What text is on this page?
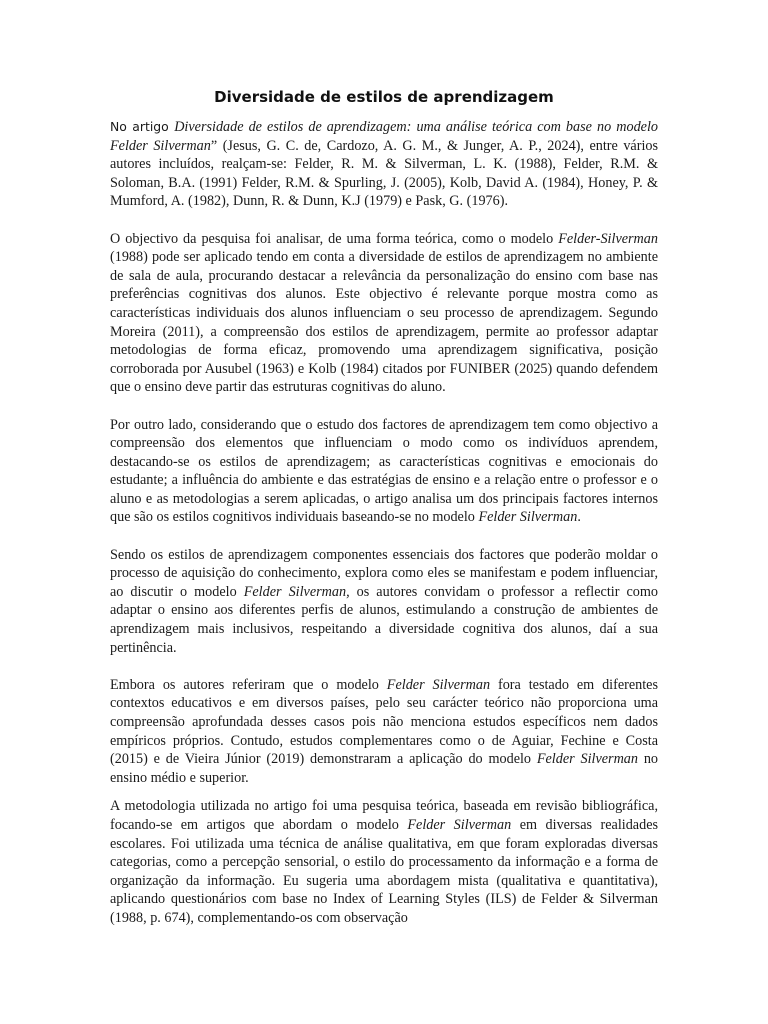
Diversidade de estilos de aprendizagem

No artigo Diversidade de estilos de aprendizagem: uma análise teórica com base no modelo Felder Silverman” (Jesus, G. C. de, Cardozo, A. G. M., & Junger, A. P., 2024), entre vários autores incluídos, realçam-se: Felder, R. M. & Silverman, L. K. (1988), Felder, R.M. & Soloman, B.A. (1991) Felder, R.M. & Spurling, J. (2005), Kolb, David A. (1984), Honey, P. & Mumford, A. (1982), Dunn, R. & Dunn, K.J (1979) e Pask, G. (1976).

O objectivo da pesquisa foi analisar, de uma forma teórica, como o modelo Felder-Silverman (1988) pode ser aplicado tendo em conta a diversidade de estilos de aprendizagem no ambiente de sala de aula, procurando destacar a relevância da personalização do ensino com base nas preferências cognitivas dos alunos. Este objectivo é relevante porque mostra como as características individuais dos alunos influenciam o seu processo de aprendizagem. Segundo Moreira (2011), a compreensão dos estilos de aprendizagem, permite ao professor adaptar metodologias de forma eficaz, promovendo uma aprendizagem significativa, posição corroborada por Ausubel (1963) e Kolb (1984) citados por FUNIBER (2025) quando defendem que o ensino deve partir das estruturas cognitivas do aluno.

Por outro lado, considerando que o estudo dos factores de aprendizagem tem como objectivo a compreensão dos elementos que influenciam o modo como os indivíduos aprendem, destacando-se os estilos de aprendizagem; as características cognitivas e emocionais do estudante; a influência do ambiente e das estratégias de ensino e a relação entre o professor e o aluno e as metodologias a serem aplicadas, o artigo analisa um dos principais factores internos que são os estilos cognitivos individuais baseando-se no modelo Felder Silverman.

Sendo os estilos de aprendizagem componentes essenciais dos factores que poderão moldar o processo de aquisição do conhecimento, explora como eles se manifestam e podem influenciar, ao discutir o modelo Felder Silverman, os autores convidam o professor a reflectir como adaptar o ensino aos diferentes perfis de alunos, estimulando a construção de ambientes de aprendizagem mais inclusivos, respeitando a diversidade cognitiva dos alunos, daí a sua pertinência.

Embora os autores referiram que o modelo Felder Silverman fora testado em diferentes contextos educativos e em diversos países, pelo seu carácter teórico não proporciona uma compreensão aprofundada desses casos pois não menciona estudos específicos nem dados empíricos próprios. Contudo, estudos complementares como o de Aguiar, Fechine e Costa (2015) e de Vieira Júnior (2019) demonstraram a aplicação do modelo Felder Silverman no ensino médio e superior.

A metodologia utilizada no artigo foi uma pesquisa teórica, baseada em revisão bibliográfica, focando-se em artigos que abordam o modelo Felder Silverman em diversas realidades escolares. Foi utilizada uma técnica de análise qualitativa, em que foram exploradas diversas categorias, como a percepção sensorial, o estilo do processamento da informação e a forma de organização da informação. Eu sugeria uma abordagem mista (qualitativa e quantitativa), aplicando questionários com base no Index of Learning Styles (ILS) de Felder & Silverman (1988, p. 674), complementando-os com observação
